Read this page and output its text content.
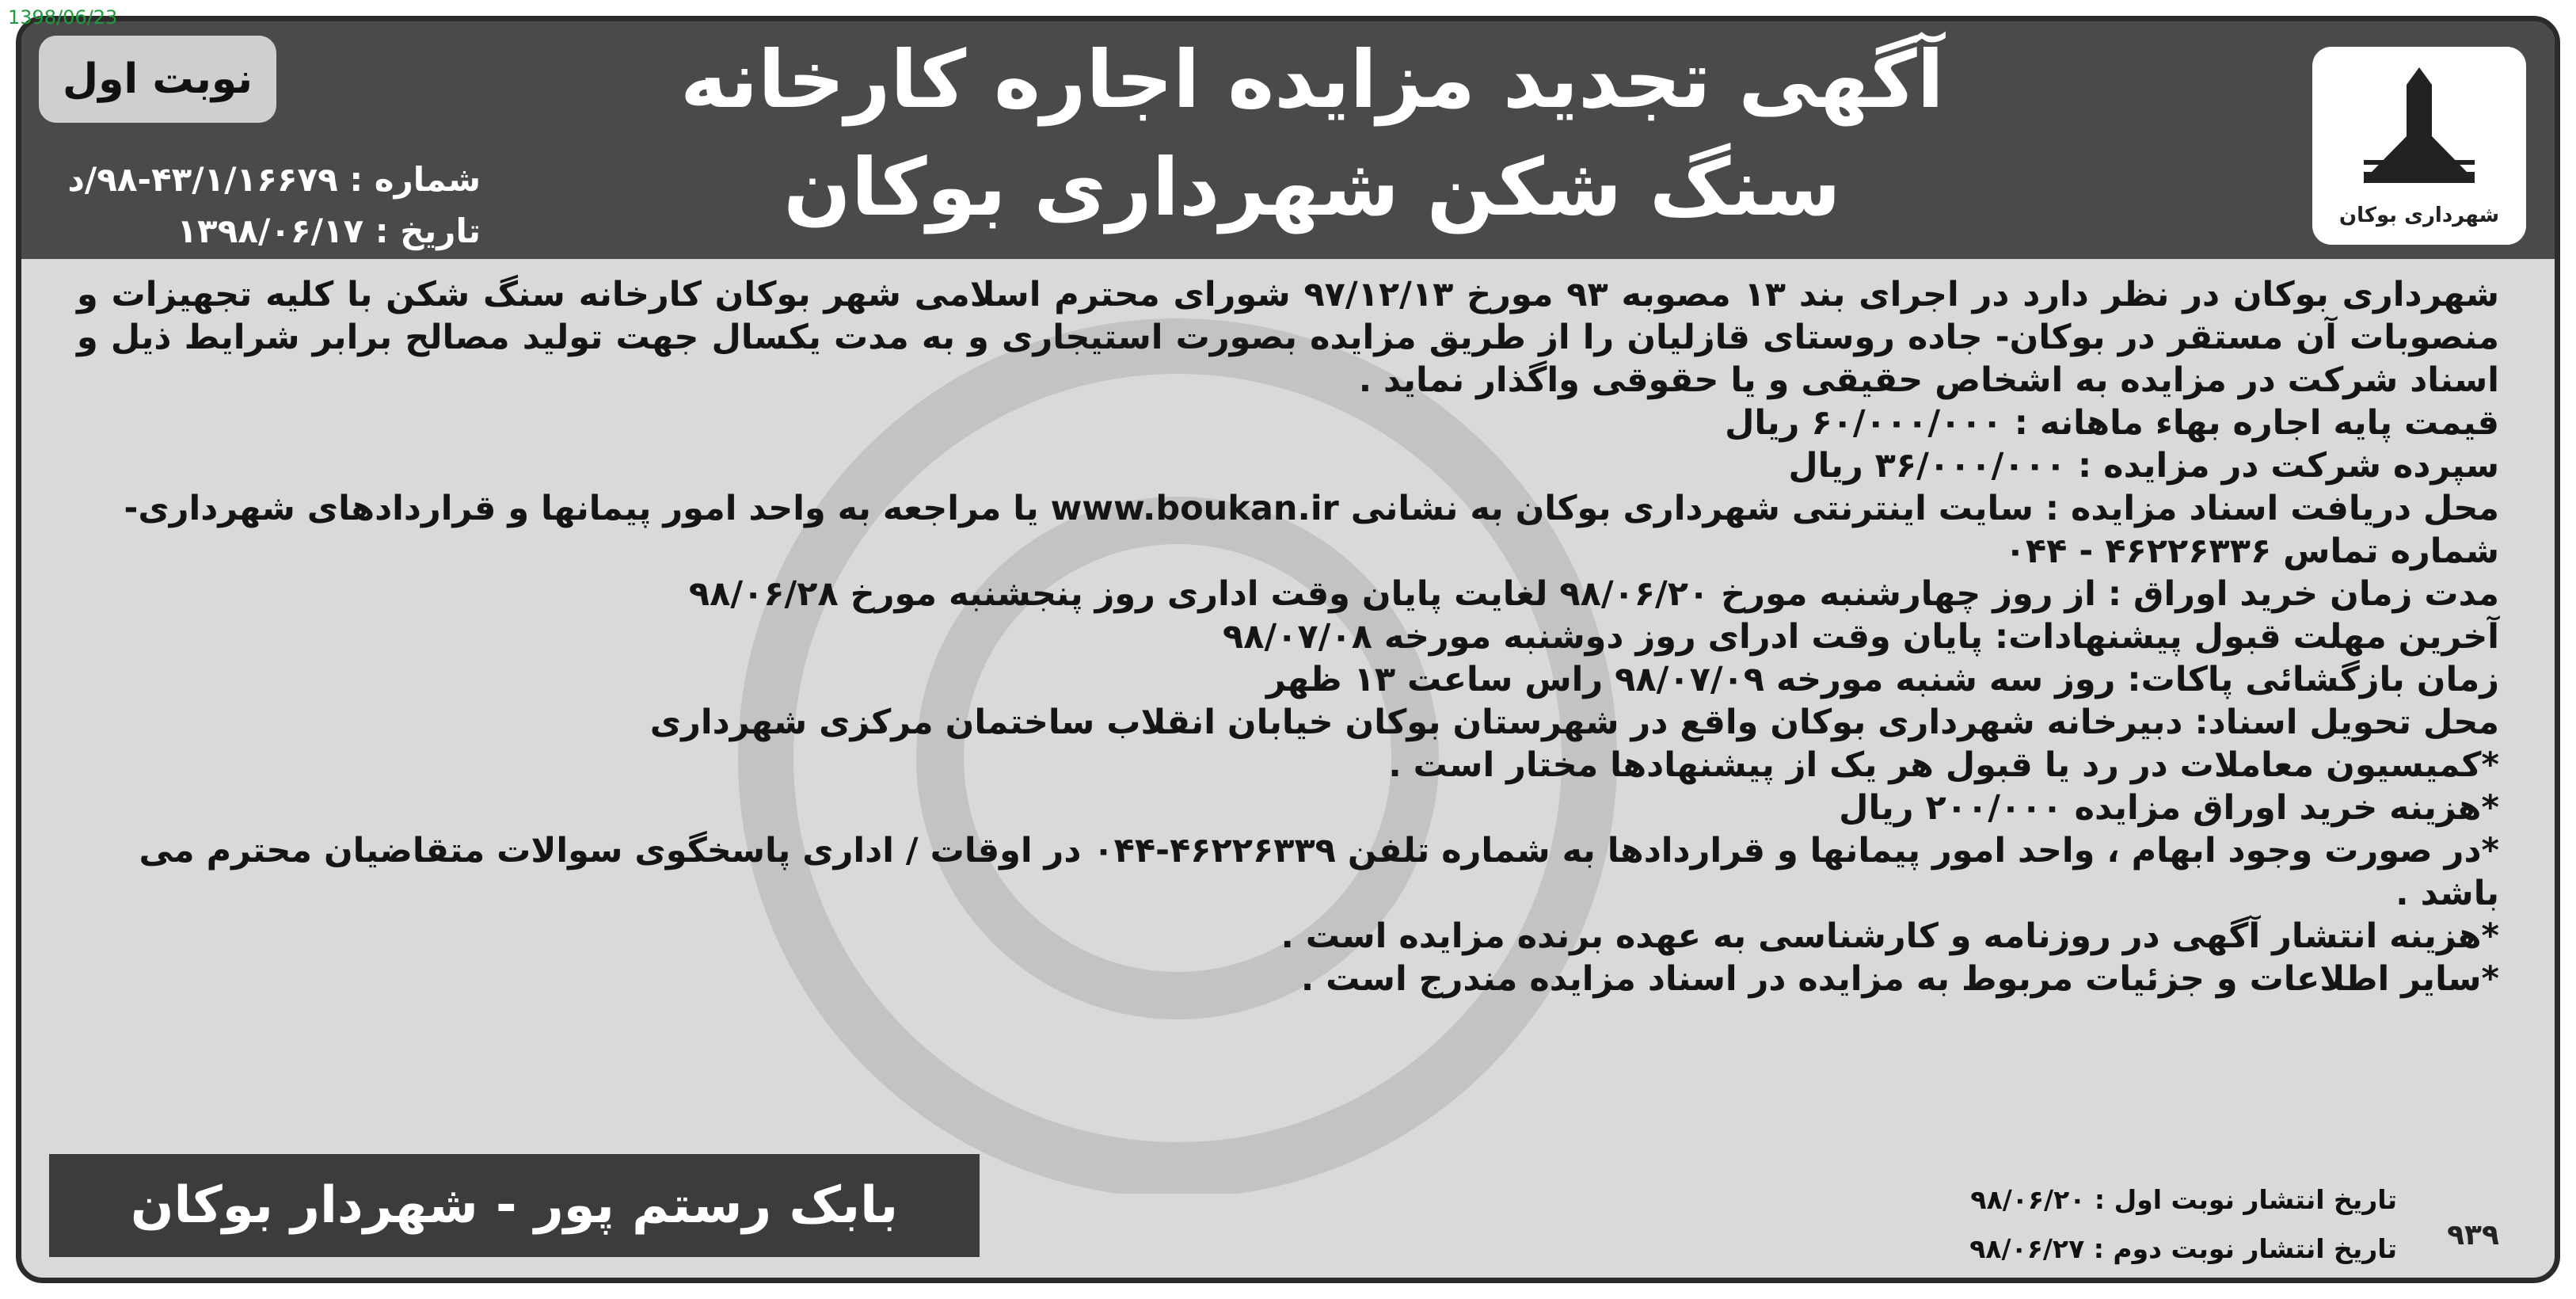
1398/06/23
نوبت اول
شماره : ۴۳/۱/۱۶۶۷۹-۹۸/د
تاریخ : ۱۳۹۸/۰۶/۱۷
آگهی تجدید مزایده اجاره کارخانه
سنگ شکن شهرداری بوکان	شهرداری بوکان

شهرداری بوکان در نظر دارد در اجرای بند ۱۳ مصوبه ۹۳ مورخ ۹۷/۱۲/۱۳ شورای محترم اسلامی شهر بوکان کارخانه سنگ شکن با کلیه تجهیزات و منصوبات آن مستقر در بوکان- جاده روستای قازلیان را از طریق مزایده بصورت استیجاری و به مدت یکسال جهت تولید مصالح برابر شرایط ذیل و اسناد شرکت در مزایده به اشخاص حقیقی و یا حقوقی واگذار نماید .

قیمت پایه اجاره بهاء ماهانه : ۶۰/۰۰۰/۰۰۰ ریال

سپرده شرکت در مزایده : ۳۶/۰۰۰/۰۰۰ ریال

محل دریافت اسناد مزایده : سایت اینترنتی شهرداری بوکان به نشانی www.boukan.ir یا مراجعه به واحد امور پیمانها و قراردادهای شهرداری- شماره تماس ۴۶۲۲۶۳۳۶ - ۰۴۴

مدت زمان خرید اوراق : از روز چهارشنبه مورخ ۹۸/۰۶/۲۰ لغایت پایان وقت اداری روز پنجشنبه مورخ ۹۸/۰۶/۲۸

آخرین مهلت قبول پیشنهادات: پایان وقت ادرای روز دوشنبه مورخه ۹۸/۰۷/۰۸

زمان بازگشائی پاکات: روز سه شنبه مورخه ۹۸/۰۷/۰۹ راس ساعت ۱۳ ظهر

محل تحویل اسناد: دبیرخانه شهرداری بوکان واقع در شهرستان بوکان خیابان انقلاب ساختمان مرکزی شهرداری

*کمیسیون معاملات در رد یا قبول هر یک از پیشنهادها مختار است .

*هزینه خرید اوراق مزایده ۲۰۰/۰۰۰ ریال

*در صورت وجود ابهام ، واحد امور پیمانها و قراردادها به شماره تلفن ۴۶۲۲۶۳۳۹-۰۴۴ در اوقات / اداری پاسخگوی سوالات متقاضیان محترم می باشد .

*هزینه انتشار آگهی در روزنامه و کارشناسی به عهده برنده مزایده است .

*سایر اطلاعات و جزئیات مربوط به مزایده در اسناد مزایده مندرج است .

بابک رستم پور - شهردار بوکان	تاریخ انتشار نوبت اول : ۹۸/۰۶/۲۰
تاریخ انتشار نوبت دوم : ۹۸/۰۶/۲۷ ۹۳۹
